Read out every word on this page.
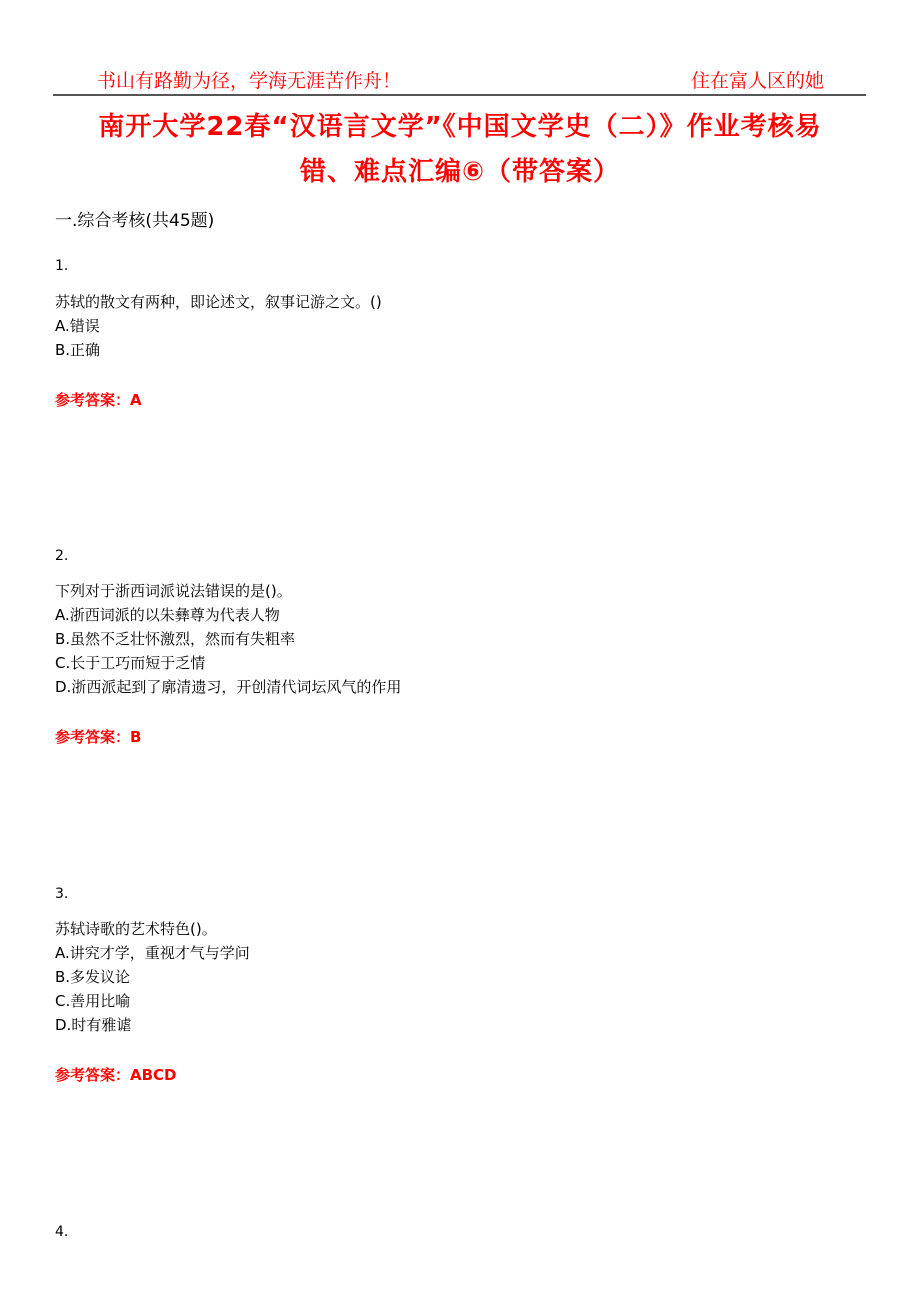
书山有路勤为径，学海无涯苦作舟！	住在富人区的她
南开大学22春“汉语言文学”《中国文学史（二）》作业考核易
错、难点汇编⑥（带答案）
一.综合考核(共45题)
1.
苏轼的散文有两种，即论述文，叙事记游之文。()
A.错误
B.正确
参考答案：A
2.
下列对于浙西词派说法错误的是()。
A.浙西词派的以朱彝尊为代表人物
B.虽然不乏壮怀激烈，然而有失粗率
C.长于工巧而短于乏情
D.浙西派起到了廓清遗习，开创清代词坛风气的作用
参考答案：B
3.
苏轼诗歌的艺术特色()。
A.讲究才学，重视才气与学问
B.多发议论
C.善用比喻
D.时有雅谑
参考答案：ABCD
4.
